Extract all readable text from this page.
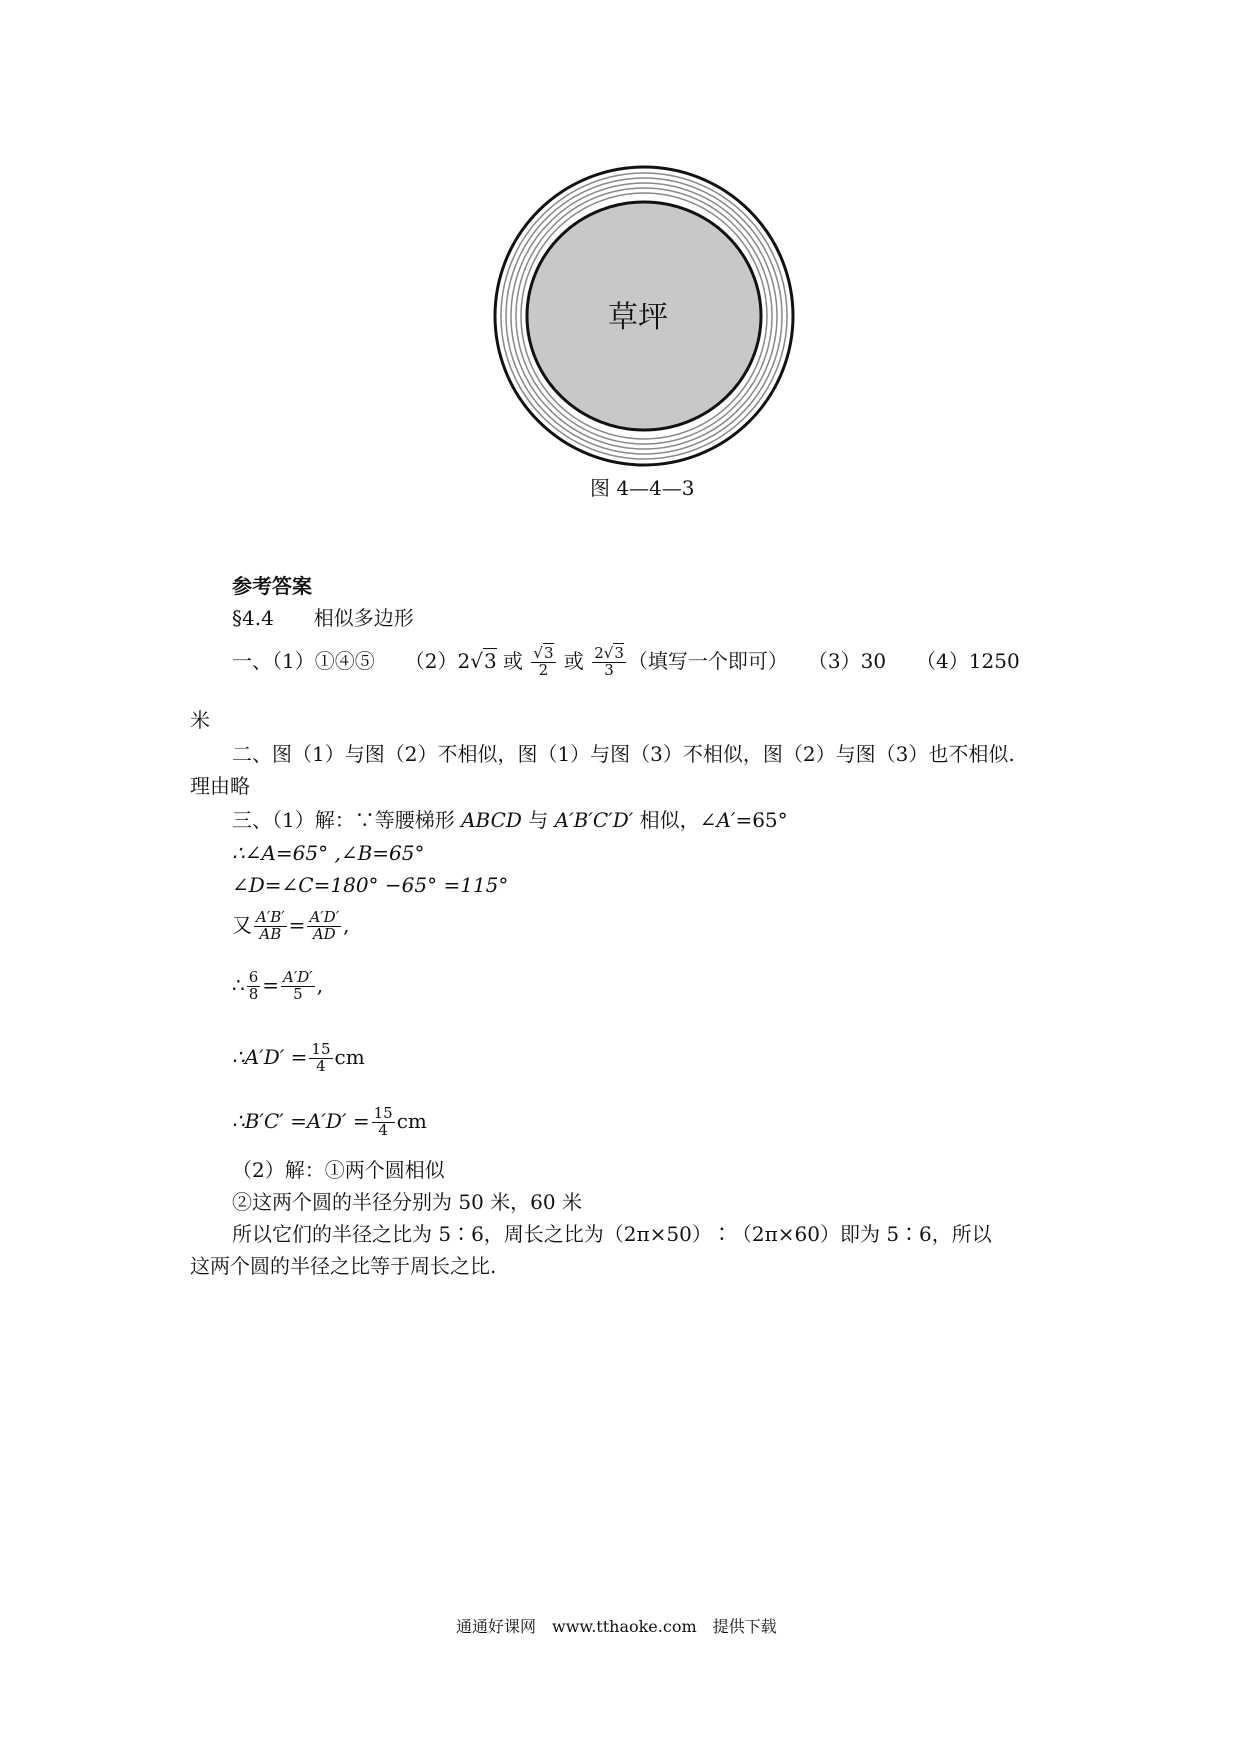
草坪
图 4—4—3
参考答案
§4.4　　相似多边形
一、（1）①④⑤　　（2）2√3 或 $\frac{√3}{2}$ 或 $\frac{2√3}{3}$ （填写一个即可）　　（3）30　　（4）1250
米
二、图（1）与图（2）不相似，图（1）与图（3）不相似，图（2）与图（3）也不相似.
理由略
三、（1）解：∵等腰梯形 ABCD 与 A′B′C′D′ 相似，∠A′=65°
∴∠A=65° ,∠B=65°
∠D=∠C=180° −65° =115°
又 $\frac{A'B'}{AB} = \frac{A'D'}{AD}$ ,
∴ $\frac{6}{8} = \frac{A'D'}{5}$ ,
∴A′D′ = $\frac{15}{4}$ cm
∴B′C′ $=A'D' = \frac{15}{4}$ cm
（2）解：①两个圆相似
②这两个圆的半径分别为 50 米，60 米
所以它们的半径之比为 5∶6，周长之比为（2π×50）∶（2π×60）即为 5∶6，所以
这两个圆的半径之比等于周长之比.
通通好课网　www.tthaoke.com　提供下载
